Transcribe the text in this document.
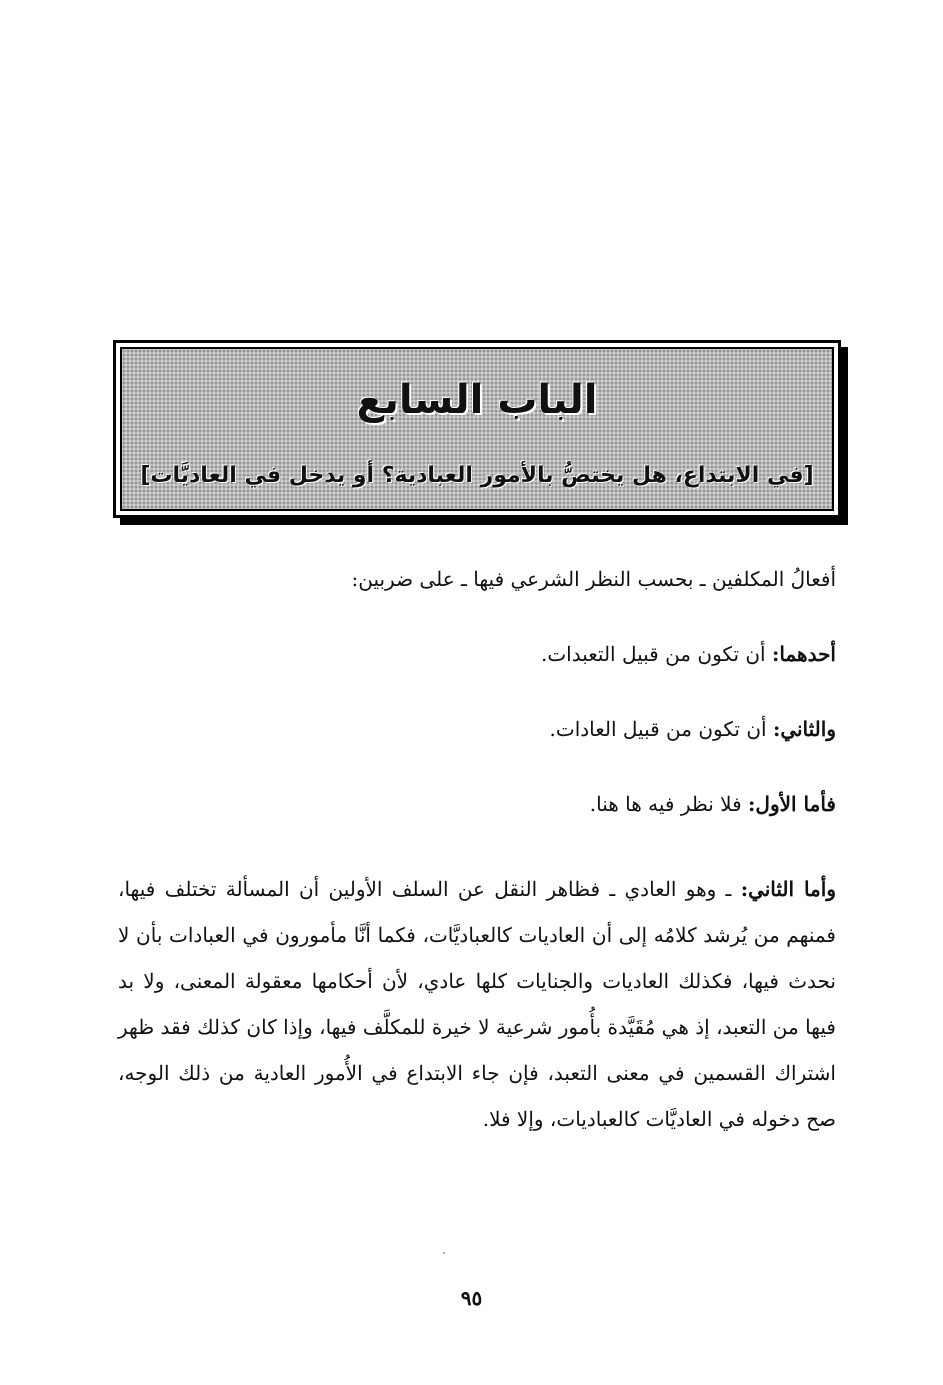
الباب السابع
[في الابتداع، هل يختصُّ بالأمور العبادية؟ أو يدخل في العاديَّات]

أفعالُ المكلفين ـ بحسب النظر الشرعي فيها ـ على ضربين:

أحدهما: أن تكون من قبيل التعبدات.

والثاني: أن تكون من قبيل العادات.

فأما الأول: فلا نظر فيه ها هنا.

وأما الثاني: ـ وهو العادي ـ فظاهر النقل عن السلف الأولين أن المسألة تختلف فيها، فمنهم من يُرشد كلامُه إلى أن العاديات كالعباديَّات، فكما أنَّا مأمورون في العبادات بأن لا نحدث فيها، فكذلك العاديات والجنايات كلها عادي، لأن أحكامها معقولة المعنى، ولا بد فيها من التعبد، إذ هي مُقَيَّدة بأُمور شرعية لا خيرة للمكلَّف فيها، وإذا كان كذلك فقد ظهر اشتراك القسمين في معنى التعبد، فإن جاء الابتداع في الأُمور العادية من ذلك الوجه، صح دخوله في العاديَّات كالعباديات، وإلا فلا.

٩٥
